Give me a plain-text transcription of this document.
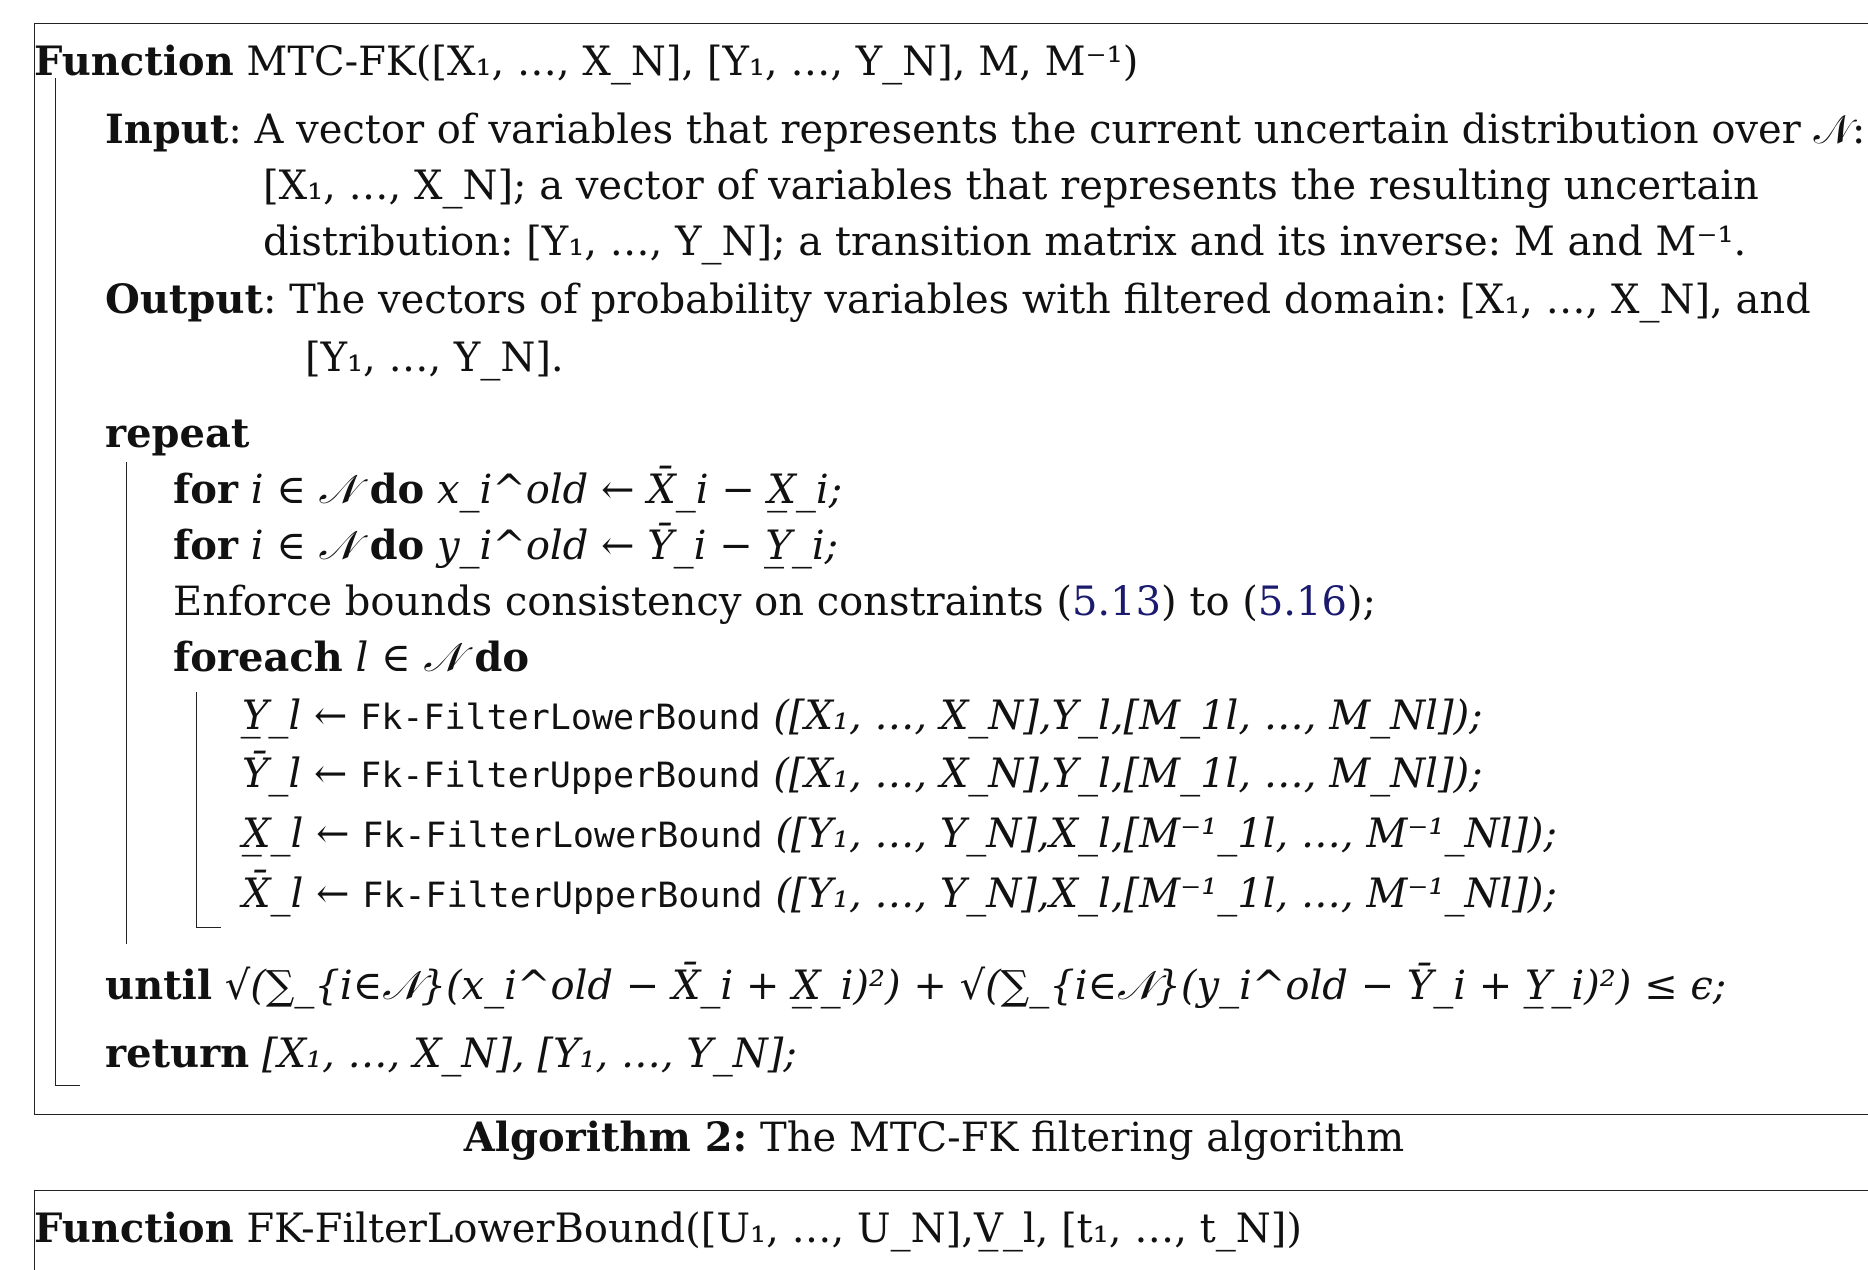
Function MTC-FK([X₁, …, X_N], [Y₁, …, Y_N], M, M⁻¹)
Input: A vector of variables that represents the current uncertain distribution over 𝒩:
[X₁, …, X_N]; a vector of variables that represents the resulting uncertain
distribution: [Y₁, …, Y_N]; a transition matrix and its inverse: M and M⁻¹.
Output: The vectors of probability variables with filtered domain: [X₁, …, X_N], and
[Y₁, …, Y_N].
repeat
for i ∈ 𝒩 do x_i^old ← X̄_i − X̲_i;
for i ∈ 𝒩 do y_i^old ← Ȳ_i − Y̲_i;
Enforce bounds consistency on constraints (5.13) to (5.16);
foreach l ∈ 𝒩 do
Y̲_l ← Fk-FilterLowerBound ([X₁, …, X_N],Y_l,[M_1l, …, M_Nl]);
Ȳ_l ← Fk-FilterUpperBound ([X₁, …, X_N],Y_l,[M_1l, …, M_Nl]);
X̲_l ← Fk-FilterLowerBound ([Y₁, …, Y_N],X_l,[M⁻¹_1l, …, M⁻¹_Nl]);
X̄_l ← Fk-FilterUpperBound ([Y₁, …, Y_N],X_l,[M⁻¹_1l, …, M⁻¹_Nl]);
until √(∑_{i∈𝒩}(x_i^old − X̄_i + X̲_i)²) + √(∑_{i∈𝒩}(y_i^old − Ȳ_i + Y̲_i)²) ≤ ϵ;
return [X₁, …, X_N], [Y₁, …, Y_N];
Algorithm 2: The MTC-FK filtering algorithm
Function FK-FilterLowerBound([U₁, …, U_N],V̲_l, [t₁, …, t_N])
